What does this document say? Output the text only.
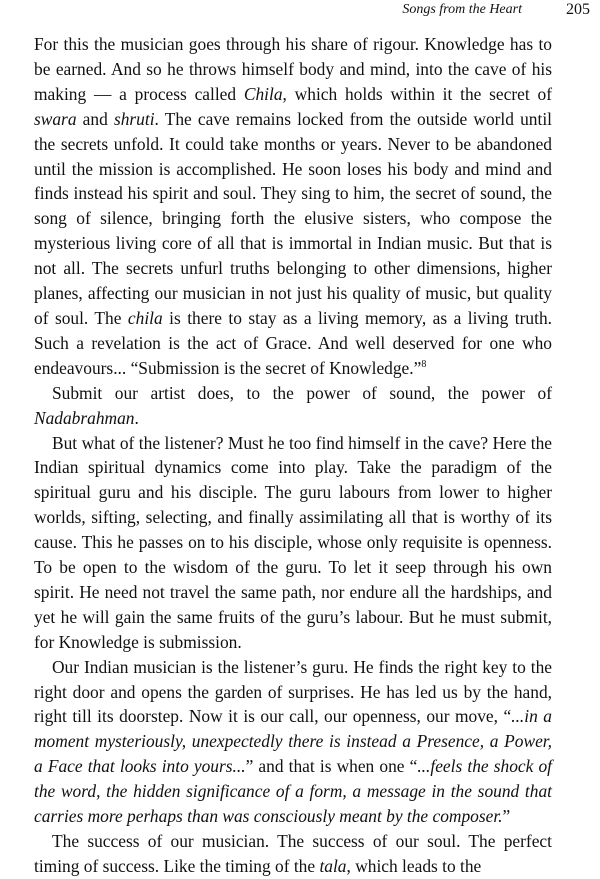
Songs from the Heart	205

For this the musician goes through his share of rigour. Knowledge has to be earned. And so he throws himself body and mind, into the cave of his making — a process called Chila, which holds within it the secret of swara and shruti. The cave remains locked from the outside world until the secrets unfold. It could take months or years. Never to be abandoned until the mission is accomplished. He soon loses his body and mind and finds instead his spirit and soul. They sing to him, the secret of sound, the song of silence, bringing forth the elusive sisters, who compose the mysterious living core of all that is immortal in Indian music. But that is not all. The secrets unfurl truths belonging to other dimensions, higher planes, affecting our musician in not just his quality of music, but quality of soul. The chila is there to stay as a living memory, as a living truth. Such a revelation is the act of Grace. And well deserved for one who endeavours... “Submission is the secret of Knowledge.”$^8$

Submit our artist does, to the power of sound, the power of Nadabrahman.

But what of the listener? Must he too find himself in the cave? Here the Indian spiritual dynamics come into play. Take the paradigm of the spiritual guru and his disciple. The guru labours from lower to higher worlds, sifting, selecting, and finally assimilating all that is worthy of its cause. This he passes on to his disciple, whose only requisite is openness. To be open to the wisdom of the guru. To let it seep through his own spirit. He need not travel the same path, nor endure all the hardships, and yet he will gain the same fruits of the guru’s labour. But he must submit, for Knowledge is submission.

Our Indian musician is the listener’s guru. He finds the right key to the right door and opens the garden of surprises. He has led us by the hand, right till its doorstep. Now it is our call, our openness, our move, “...in a moment mysteriously, unexpectedly there is instead a Presence, a Power, a Face that looks into yours...” and that is when one “...feels the shock of the word, the hidden significance of a form, a message in the sound that carries more perhaps than was consciously meant by the composer.”

The success of our musician. The success of our soul. The perfect timing of success. Like the timing of the tala, which leads to the
